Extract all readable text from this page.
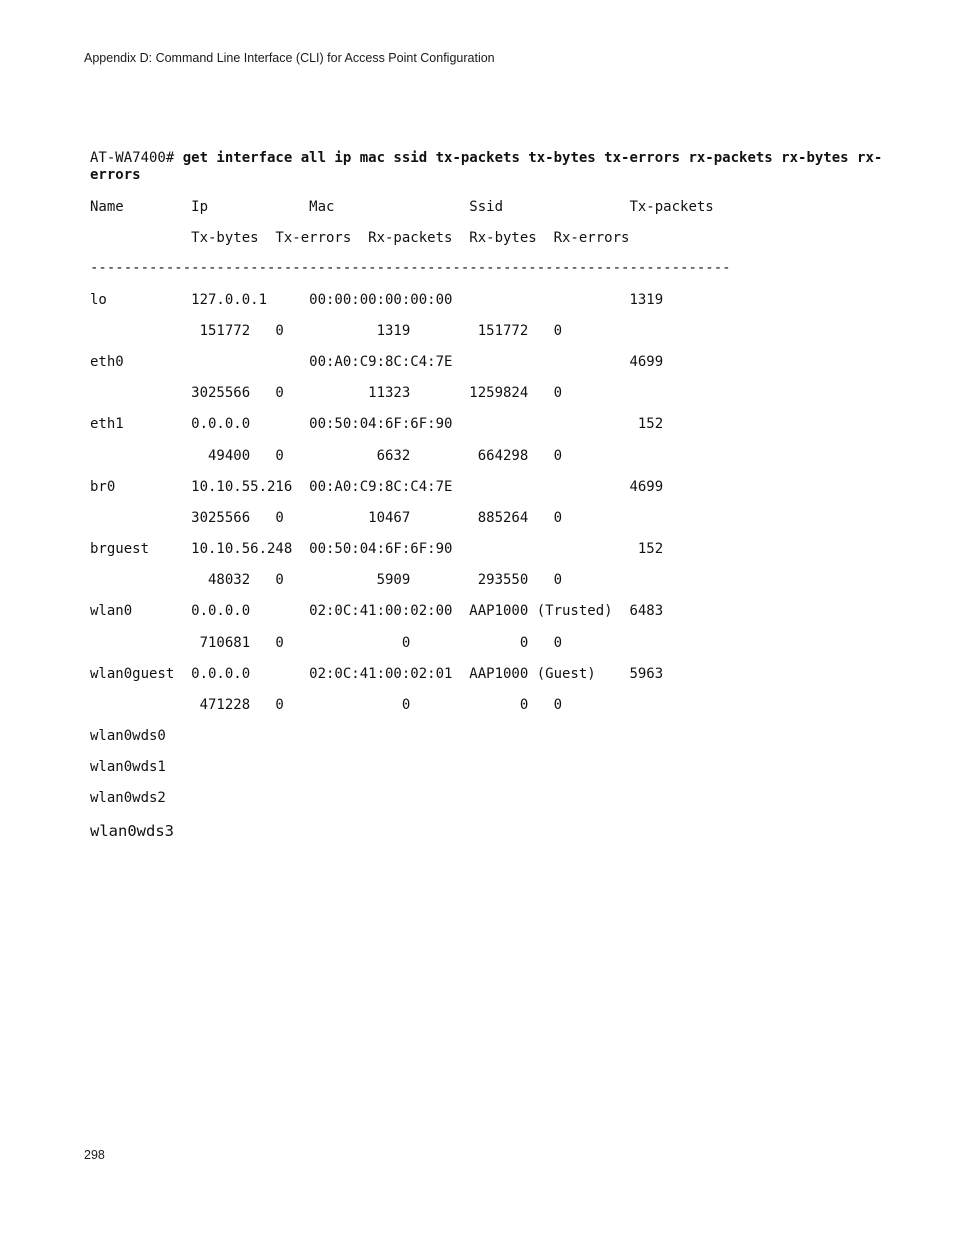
Appendix D: Command Line Interface (CLI) for Access Point Configuration
AT-WA7400# get interface all ip mac ssid tx-packets tx-bytes tx-errors rx-packets rx-bytes rx-
errors
Name        Ip            Mac                Ssid               Tx-packets
Tx-bytes  Tx-errors  Rx-packets  Rx-bytes  Rx-errors
----------------------------------------------------------------------------
lo          127.0.0.1     00:00:00:00:00:00                     1319
151772   0           1319        151772   0
eth0                      00:A0:C9:8C:C4:7E                     4699
3025566   0          11323       1259824   0
eth1        0.0.0.0       00:50:04:6F:6F:90                      152
49400   0           6632        664298   0
br0         10.10.55.216  00:A0:C9:8C:C4:7E                     4699
3025566   0          10467        885264   0
brguest     10.10.56.248  00:50:04:6F:6F:90                      152
48032   0           5909        293550   0
wlan0       0.0.0.0       02:0C:41:00:02:00  AAP1000 (Trusted)  6483
710681   0              0             0   0
wlan0guest  0.0.0.0       02:0C:41:00:02:01  AAP1000 (Guest)    5963
471228   0              0             0   0
wlan0wds0
wlan0wds1
wlan0wds2
wlan0wds3
298
